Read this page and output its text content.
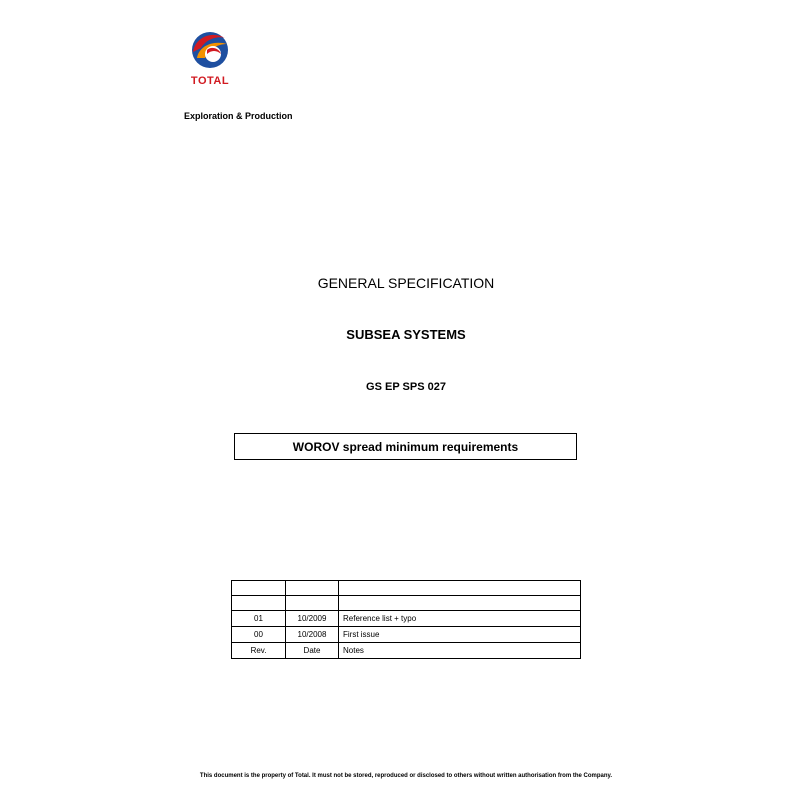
TOTAL
Exploration & Production
GENERAL SPECIFICATION
SUBSEA SYSTEMS
GS EP SPS 027
WOROV spread minimum requirements

01	10/2009	Reference list + typo
00	10/2008	First issue
Rev.	Date	Notes
This document is the property of Total. It must not be stored, reproduced or disclosed to others without written authorisation from the Company.
